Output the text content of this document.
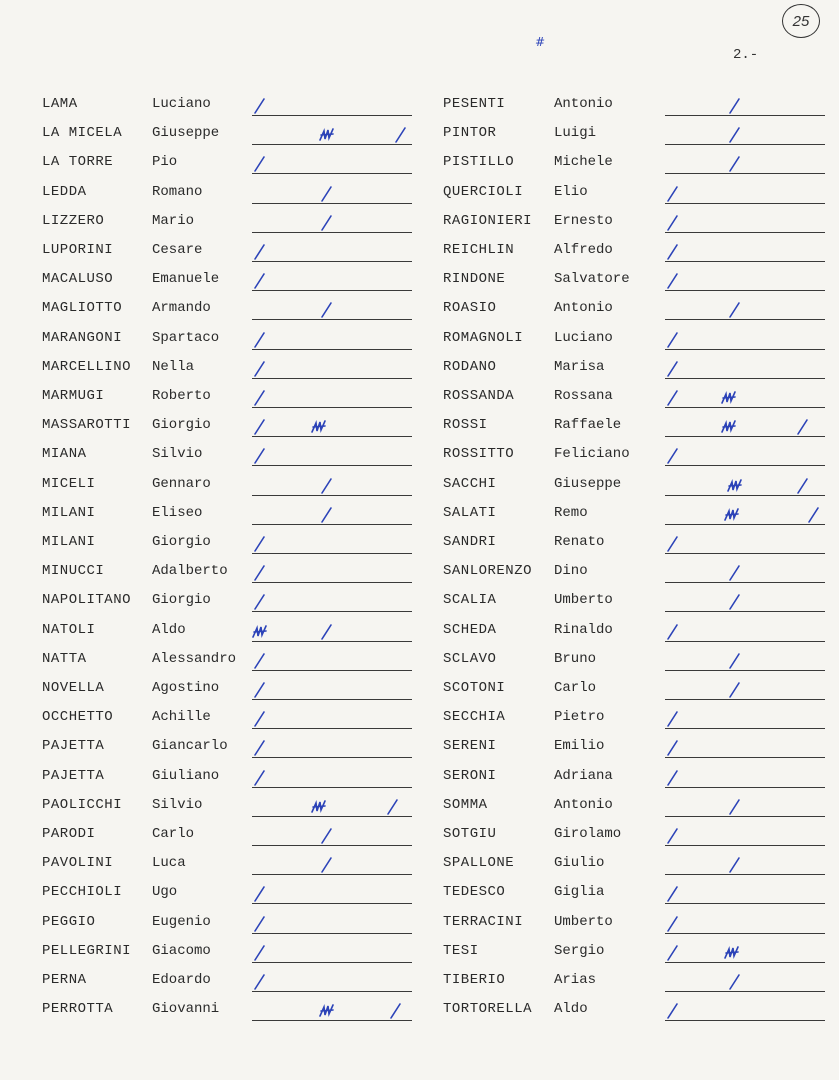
25
2.-
#
LAMA	Luciano
LA MICELA Giuseppe
LA TORRE	Pio
LEDDA	Romano
LIZZERO	Mario
LUPORINI	Cesare
MACALUSO	Emanuele
MAGLIOTTO Armando
MARANGONI Spartaco
MARCELLINO Nella
MARMUGI	Roberto
MASSAROTTI Giorgio
MIANA	Silvio
MICELI	Gennaro
MILANI	Eliseo
MILANI	Giorgio
MINUCCI	Adalberto
NAPOLITANO Giorgio
NATOLI	Aldo
NATTA	Alessandro
NOVELLA	Agostino
OCCHETTO	Achille
PAJETTA	Giancarlo
PAJETTA	Giuliano
PAOLICCHI Silvio
PARODI	Carlo
PAVOLINI	Luca
PECCHIOLI Ugo
PEGGIO	Eugenio
PELLEGRINI Giacomo
PERNA	Edoardo
PERROTTA	Giovanni
PESENTI	Antonio
PINTOR	Luigi
PISTILLO	Michele
QUERCIOLI Elio
RAGIONIERI Ernesto
REICHLIN	Alfredo
RINDONE	Salvatore
ROASIO	Antonio
ROMAGNOLI Luciano
RODANO	Marisa
ROSSANDA	Rossana
ROSSI	Raffaele
ROSSITTO	Feliciano
SACCHI	Giuseppe
SALATI	Remo
SANDRI	Renato
SANLORENZO Dino
SCALIA	Umberto
SCHEDA	Rinaldo
SCLAVO	Bruno
SCOTONI	Carlo
SECCHIA	Pietro
SERENI	Emilio
SERONI	Adriana
SOMMA	Antonio
SOTGIU	Girolamo
SPALLONE	Giulio
TEDESCO	Giglia
TERRACINI Umberto
TESI	Sergio
TIBERIO	Arias
TORTORELLA Aldo
